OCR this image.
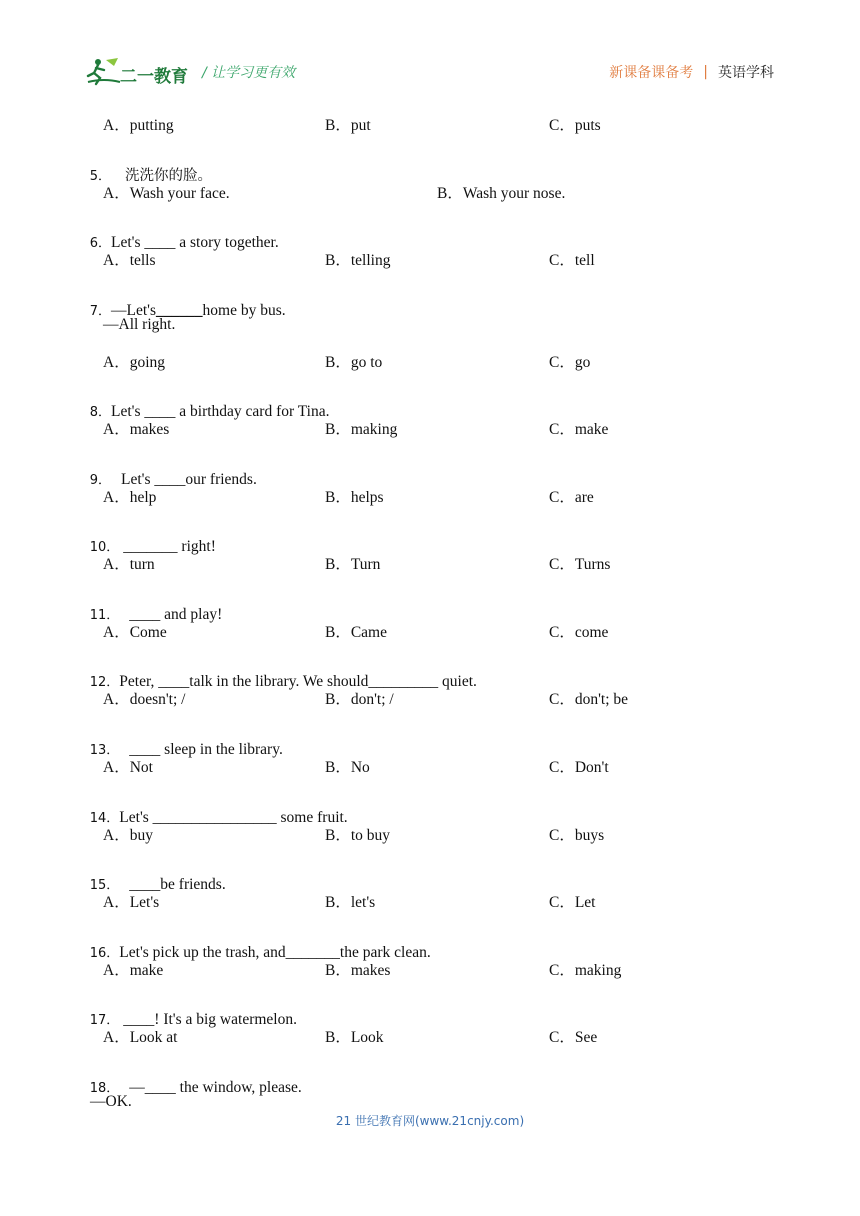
二一教育 / 让学习更有效	新课备课备考 | 英语学科
A．putting	B．put	C．puts

5． 洗洗你的脸。

A．Wash your face.	B．Wash your nose.

6．Let's ____ a story together.

A．tells	B．telling	C．tell

7．—Let's______home by bus.

—All right.
A．going	B．go to	C．go

8．Let's ____ a birthday card for Tina.

A．makes	B．making	C．make

9． Let's ____our friends.

A．help	B．helps	C．are

10． _______ right!

A．turn	B．Turn	C．Turns

11． ____ and play!

A．Come	B．Came	C．come

12．Peter, ____talk in the library. We should_________ quiet.

A．doesn't; /	B．don't; /	C．don't; be

13． ____ sleep in the library.

A．Not	B．No	C．Don't

14．Let's ________________ some fruit.

A．buy	B．to buy	C．buys

15． ____be friends.

A．Let's	B．let's	C．Let

16．Let's pick up the trash, and_______the park clean.

A．make	B．makes	C．making

17． ____! It's a big watermelon.

A．Look at	B．Look	C．See

18． —____ the window, please.

—OK.
21 世纪教育网(www.21cnjy.com)
